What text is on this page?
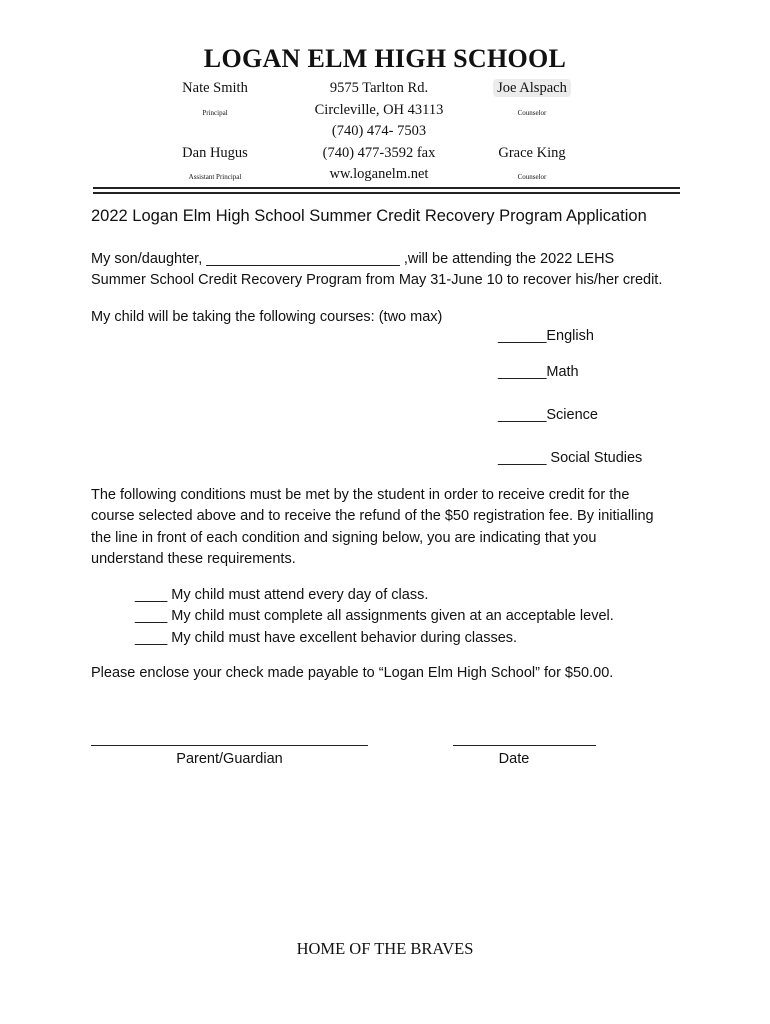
LOGAN ELM HIGH SCHOOL
Nate Smith
Principal
Dan Hugus
Assistant Principal
9575 Tarlton Rd.
Circleville, OH 43113
(740) 474- 7503
(740) 477-3592 fax
ww.loganelm.net
Joe Alspach
Counselor
Grace King
Counselor
2022 Logan Elm High School Summer Credit Recovery Program Application
My son/daughter, ________________________ ,will be attending the 2022 LEHS
Summer School Credit Recovery Program from May 31-June 10 to recover his/her credit.
My child will be taking the following courses: (two max)
______English
______Math
______Science
______ Social Studies
The following conditions must be met by the student in order to receive credit for the
course selected above and to receive the refund of the $50 registration fee. By initialling
the line in front of each condition and signing below, you are indicating that you
understand these requirements.
____ My child must attend every day of class.
____ My child must complete all assignments given at an acceptable level.
____ My child must have excellent behavior during classes.
Please enclose your check made payable to “Logan Elm High School” for $50.00.
Parent/Guardian	Date
HOME OF THE BRAVES
